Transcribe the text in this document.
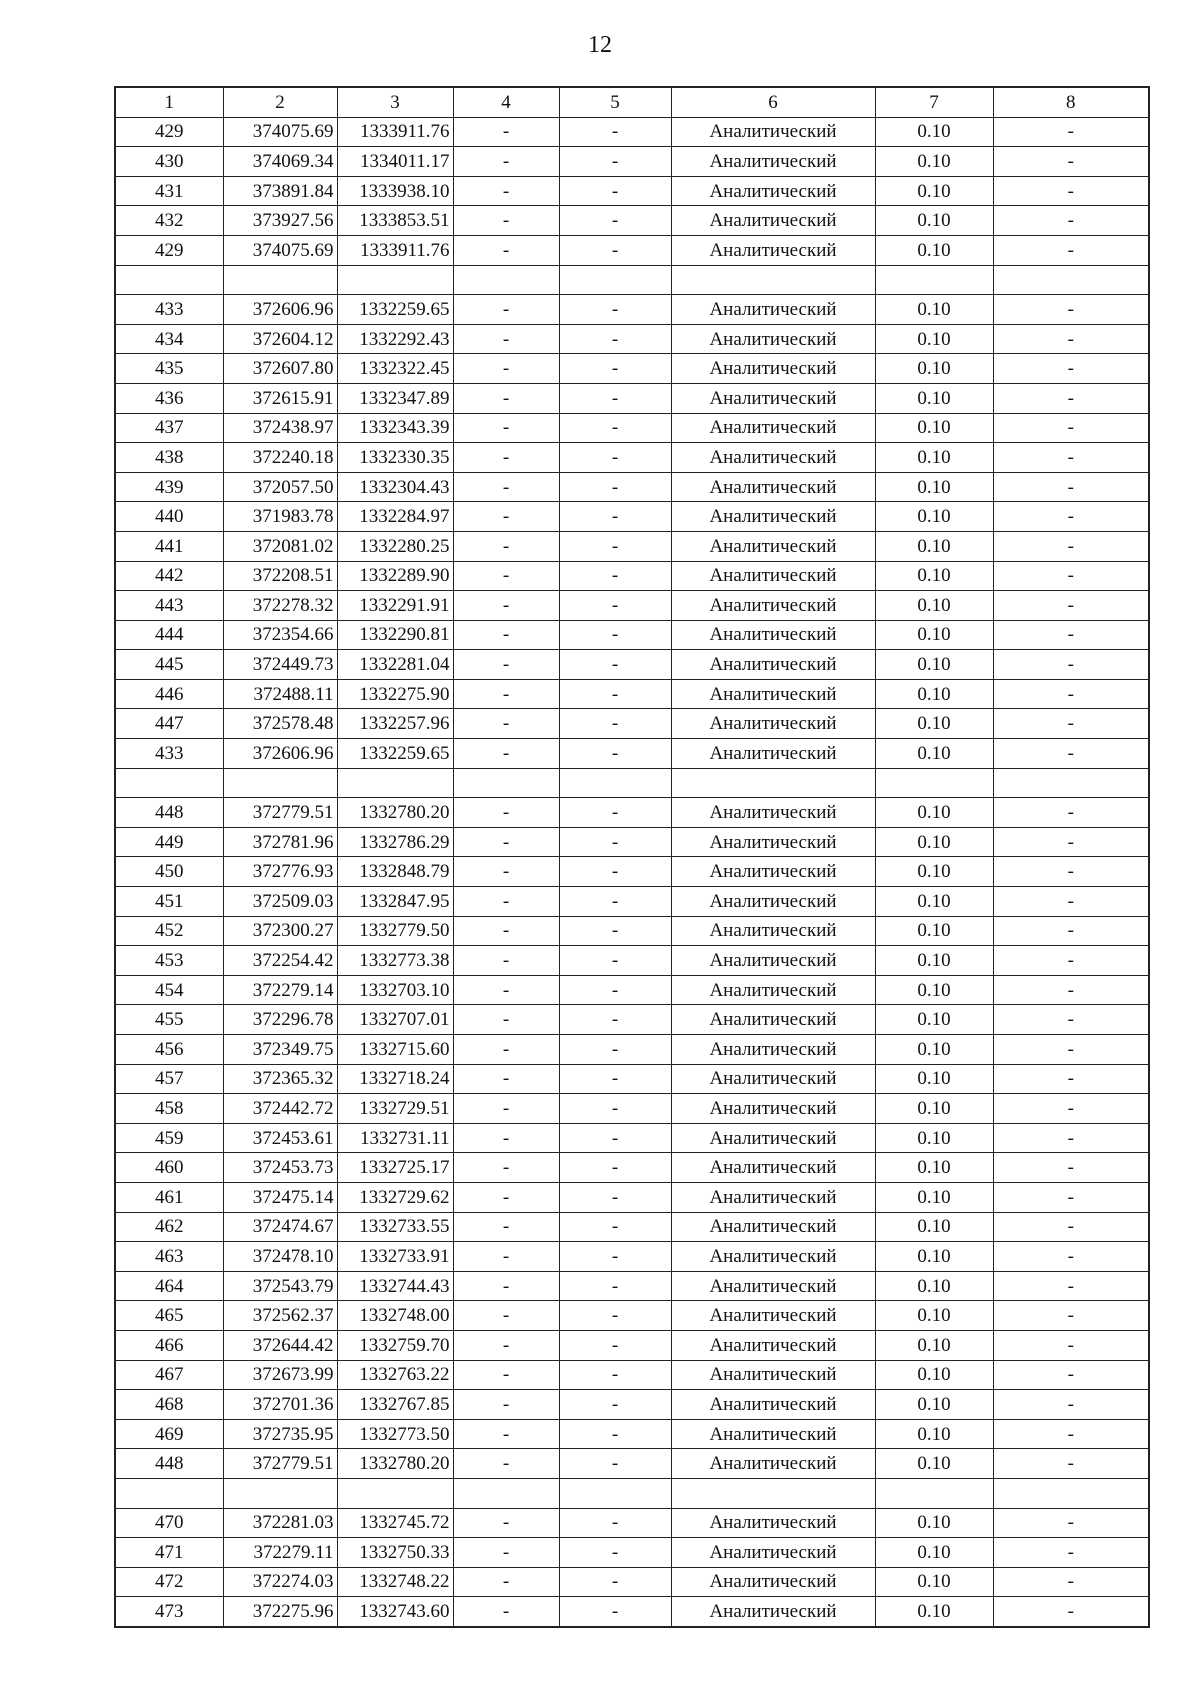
12
1	2	3	4	5	6	7	8
429	374075.69	1333911.76	-	-	Аналитический	0.10	-
430	374069.34	1334011.17	-	-	Аналитический	0.10	-
431	373891.84	1333938.10	-	-	Аналитический	0.10	-
432	373927.56	1333853.51	-	-	Аналитический	0.10	-
429	374075.69	1333911.76	-	-	Аналитический	0.10	-

433	372606.96	1332259.65	-	-	Аналитический	0.10	-
434	372604.12	1332292.43	-	-	Аналитический	0.10	-
435	372607.80	1332322.45	-	-	Аналитический	0.10	-
436	372615.91	1332347.89	-	-	Аналитический	0.10	-
437	372438.97	1332343.39	-	-	Аналитический	0.10	-
438	372240.18	1332330.35	-	-	Аналитический	0.10	-
439	372057.50	1332304.43	-	-	Аналитический	0.10	-
440	371983.78	1332284.97	-	-	Аналитический	0.10	-
441	372081.02	1332280.25	-	-	Аналитический	0.10	-
442	372208.51	1332289.90	-	-	Аналитический	0.10	-
443	372278.32	1332291.91	-	-	Аналитический	0.10	-
444	372354.66	1332290.81	-	-	Аналитический	0.10	-
445	372449.73	1332281.04	-	-	Аналитический	0.10	-
446	372488.11	1332275.90	-	-	Аналитический	0.10	-
447	372578.48	1332257.96	-	-	Аналитический	0.10	-
433	372606.96	1332259.65	-	-	Аналитический	0.10	-

448	372779.51	1332780.20	-	-	Аналитический	0.10	-
449	372781.96	1332786.29	-	-	Аналитический	0.10	-
450	372776.93	1332848.79	-	-	Аналитический	0.10	-
451	372509.03	1332847.95	-	-	Аналитический	0.10	-
452	372300.27	1332779.50	-	-	Аналитический	0.10	-
453	372254.42	1332773.38	-	-	Аналитический	0.10	-
454	372279.14	1332703.10	-	-	Аналитический	0.10	-
455	372296.78	1332707.01	-	-	Аналитический	0.10	-
456	372349.75	1332715.60	-	-	Аналитический	0.10	-
457	372365.32	1332718.24	-	-	Аналитический	0.10	-
458	372442.72	1332729.51	-	-	Аналитический	0.10	-
459	372453.61	1332731.11	-	-	Аналитический	0.10	-
460	372453.73	1332725.17	-	-	Аналитический	0.10	-
461	372475.14	1332729.62	-	-	Аналитический	0.10	-
462	372474.67	1332733.55	-	-	Аналитический	0.10	-
463	372478.10	1332733.91	-	-	Аналитический	0.10	-
464	372543.79	1332744.43	-	-	Аналитический	0.10	-
465	372562.37	1332748.00	-	-	Аналитический	0.10	-
466	372644.42	1332759.70	-	-	Аналитический	0.10	-
467	372673.99	1332763.22	-	-	Аналитический	0.10	-
468	372701.36	1332767.85	-	-	Аналитический	0.10	-
469	372735.95	1332773.50	-	-	Аналитический	0.10	-
448	372779.51	1332780.20	-	-	Аналитический	0.10	-

470	372281.03	1332745.72	-	-	Аналитический	0.10	-
471	372279.11	1332750.33	-	-	Аналитический	0.10	-
472	372274.03	1332748.22	-	-	Аналитический	0.10	-
473	372275.96	1332743.60	-	-	Аналитический	0.10	-
